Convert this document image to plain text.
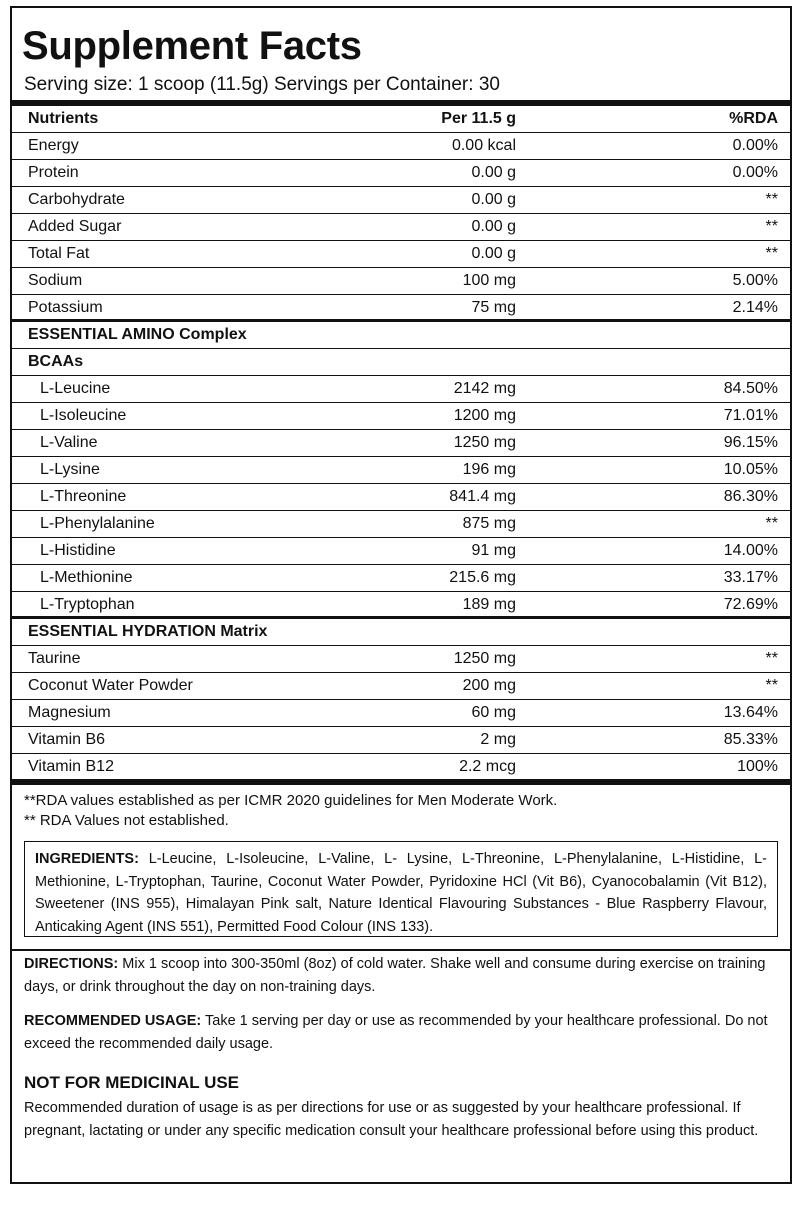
Supplement Facts
Serving size: 1 scoop (11.5g) Servings per Container: 30
Nutrients	Per 11.5 g	%RDA
Energy	0.00 kcal	0.00%
Protein	0.00 g	0.00%
Carbohydrate	0.00 g	**
Added Sugar	0.00 g	**
Total Fat	0.00 g	**
Sodium	100 mg	5.00%
Potassium	75 mg	2.14%
ESSENTIAL AMINO Complex
BCAAs
L-Leucine	2142 mg	84.50%
L-Isoleucine	1200 mg	71.01%
L-Valine	1250 mg	96.15%
L-Lysine	196 mg	10.05%
L-Threonine	841.4 mg	86.30%
L-Phenylalanine	875 mg	**
L-Histidine	91 mg	14.00%
L-Methionine	215.6 mg	33.17%
L-Tryptophan	189 mg	72.69%
ESSENTIAL HYDRATION Matrix
Taurine	1250 mg	**
Coconut Water Powder	200 mg	**
Magnesium	60 mg	13.64%
Vitamin B6	2 mg	85.33%
Vitamin B12	2.2 mcg	100%
**RDA values established as per ICMR 2020 guidelines for Men Moderate Work.
** RDA Values not established.
INGREDIENTS: L-Leucine, L-Isoleucine, L-Valine, L- Lysine, L-Threonine, L-Phenylalanine, L-Histidine, L-Methionine, L-Tryptophan, Taurine, Coconut Water Powder, Pyridoxine HCl (Vit B6), Cyanocobalamin (Vit B12), Sweetener (INS 955), Himalayan Pink salt, Nature Identical Flavouring Substances - Blue Raspberry Flavour, Anticaking Agent (INS 551), Permitted Food Colour (INS 133).
DIRECTIONS: Mix 1 scoop into 300-350ml (8oz) of cold water. Shake well and consume during exercise on training days, or drink throughout the day on non-training days.
RECOMMENDED USAGE: Take 1 serving per day or use as recommended by your healthcare professional. Do not exceed the recommended daily usage.
NOT FOR MEDICINAL USE
Recommended duration of usage is as per directions for use or as suggested by your healthcare professional. If pregnant, lactating or under any specific medication consult your healthcare professional before using this product.
